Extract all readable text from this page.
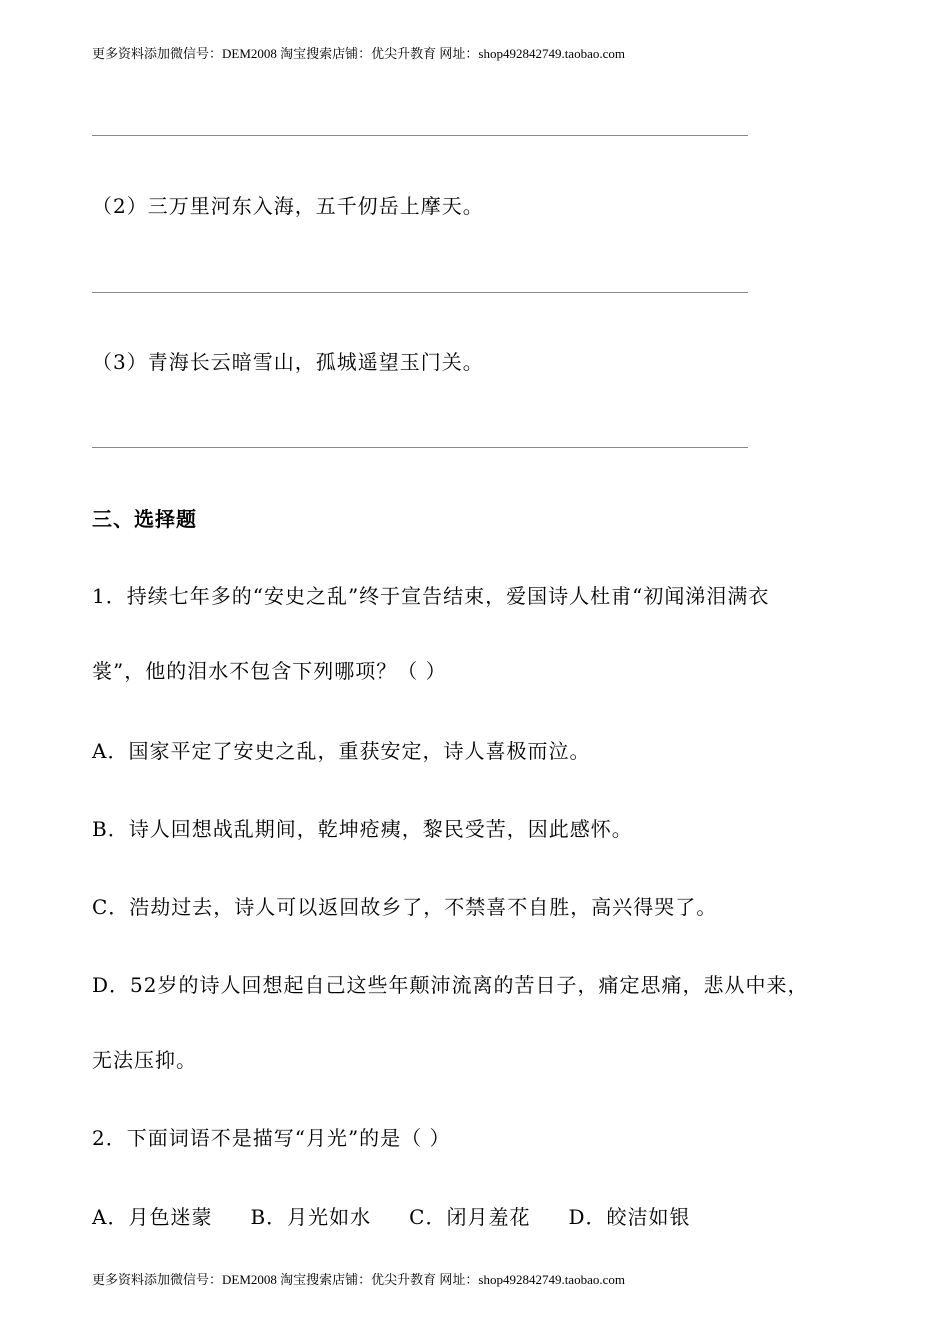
更多资料添加微信号：DEM2008 淘宝搜索店铺：优尖升教育 网址：shop492842749.taobao.com
（2）三万里河东入海，五千仞岳上摩天。
（3）青海长云暗雪山，孤城遥望玉门关。
三、选择题
1．持续七年多的“安史之乱”终于宣告结束，爱国诗人杜甫“初闻涕泪满衣
裳”，他的泪水不包含下列哪项？（ ）
A．国家平定了安史之乱，重获安定，诗人喜极而泣。
B．诗人回想战乱期间，乾坤疮痍，黎民受苦，因此感怀。
C．浩劫过去，诗人可以返回故乡了，不禁喜不自胜，高兴得哭了。
D．52岁的诗人回想起自己这些年颠沛流离的苦日子，痛定思痛，悲从中来，
无法压抑。
2．下面词语不是描写“月光”的是（ ）
A．月色迷蒙 B．月光如水 C．闭月羞花 D．皎洁如银
更多资料添加微信号：DEM2008 淘宝搜索店铺：优尖升教育 网址：shop492842749.taobao.com
